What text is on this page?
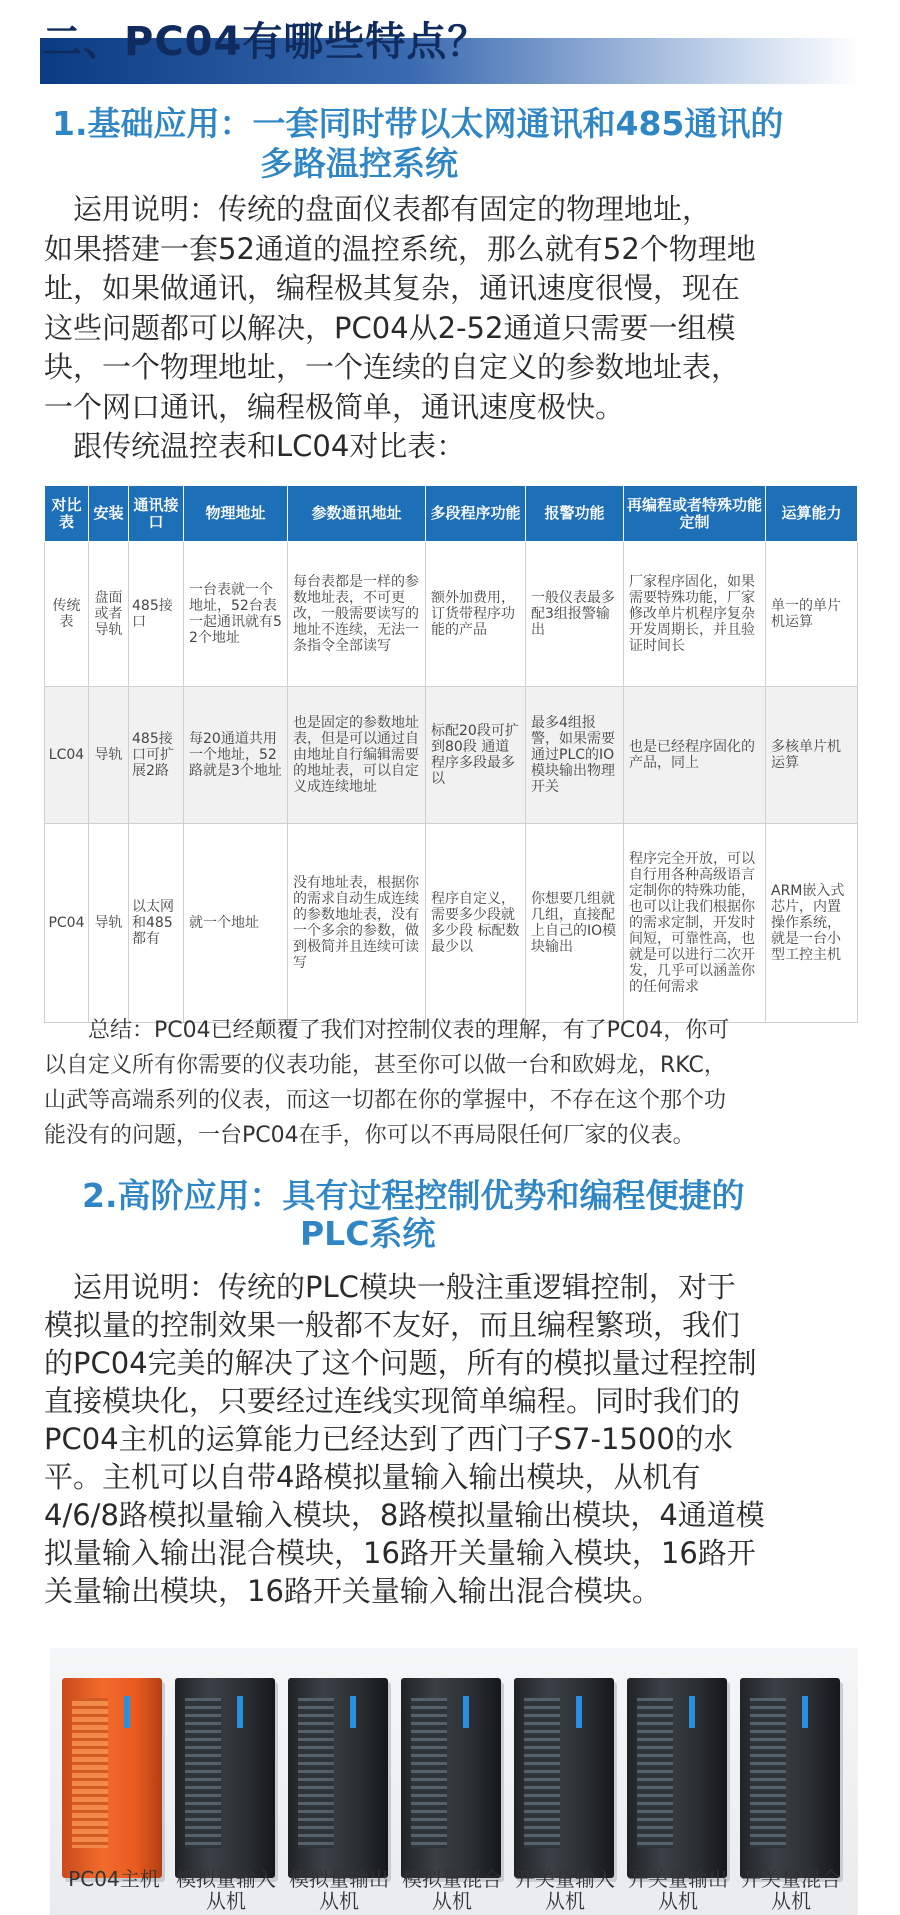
二、PC04有哪些特点？
1.基础应用：一套同时带以太网通讯和485通讯的
多路温控系统
　运用说明：传统的盘面仪表都有固定的物理地址，
如果搭建一套52通道的温控系统，那么就有52个物理地
址，如果做通讯，编程极其复杂，通讯速度很慢，现在
这些问题都可以解决，PC04从2-52通道只需要一组模
块，一个物理地址，一个连续的自定义的参数地址表，
一个网口通讯，编程极简单，通讯速度极快。
　跟传统温控表和LC04对比表：
对比表	安装	通讯接口	物理地址	参数通讯地址	多段程序功能	报警功能	再编程或者特殊功能定制	运算能力
传统表	盘面或者导轨	485接口	一台表就一个地址，52台表一起通讯就有52个地址	每台表都是一样的参数地址表，不可更改，一般需要读写的地址不连续，无法一条指令全部读写	额外加费用，订货带程序功能的产品	一般仪表最多配3组报警输出	厂家程序固化，如果需要特殊功能，厂家修改单片机程序复杂开发周期长，并且验证时间长	单一的单片机运算
LC04	导轨	485接口可扩展2路	每20通道共用一个地址，52路就是3个地址	也是固定的参数地址表，但是可以通过自由地址自行编辑需要的地址表，可以自定义成连续地址	标配20段可扩到80段 通道程序多段最多以	最多4组报警，如果需要通过PLC的IO模块输出物理开关	也是已经程序固化的产品，同上	多核单片机运算
PC04	导轨	以太网和485都有	就一个地址	没有地址表，根据你的需求自动生成连续的参数地址表，没有一个多余的参数，做到极简并且连续可读写	程序自定义，需要多少段就多少段 标配数最少以	你想要几组就几组，直接配上自己的IO模块输出	程序完全开放，可以自行用各种高级语言定制你的特殊功能，也可以让我们根据你的需求定制，开发时间短，可靠性高，也就是可以进行二次开发，几乎可以涵盖你的任何需求	ARM嵌入式芯片，内置操作系统，就是一台小型工控主机
　　总结：PC04已经颠覆了我们对控制仪表的理解，有了PC04，你可
以自定义所有你需要的仪表功能，甚至你可以做一台和欧姆龙，RKC，
山武等高端系列的仪表，而这一切都在你的掌握中，不存在这个那个功
能没有的问题，一台PC04在手，你可以不再局限任何厂家的仪表。
2.高阶应用：具有过程控制优势和编程便捷的
PLC系统
　运用说明：传统的PLC模块一般注重逻辑控制，对于
模拟量的控制效果一般都不友好，而且编程繁琐，我们
的PC04完美的解决了这个问题，所有的模拟量过程控制
直接模块化，只要经过连线实现简单编程。同时我们的
PC04主机的运算能力已经达到了西门子S7-1500的水
平。主机可以自带4路模拟量输入输出模块，从机有
4/6/8路模拟量输入模块，8路模拟量输出模块，4通道模
拟量输入输出混合模块，16路开关量输入模块，16路开
关量输出模块，16路开关量输入输出混合模块。
PC04主机 模拟量输入
从机
模拟量输出
从机
模拟量混合
从机
开关量输入
从机
开关量输出
从机
开关量混合
从机
